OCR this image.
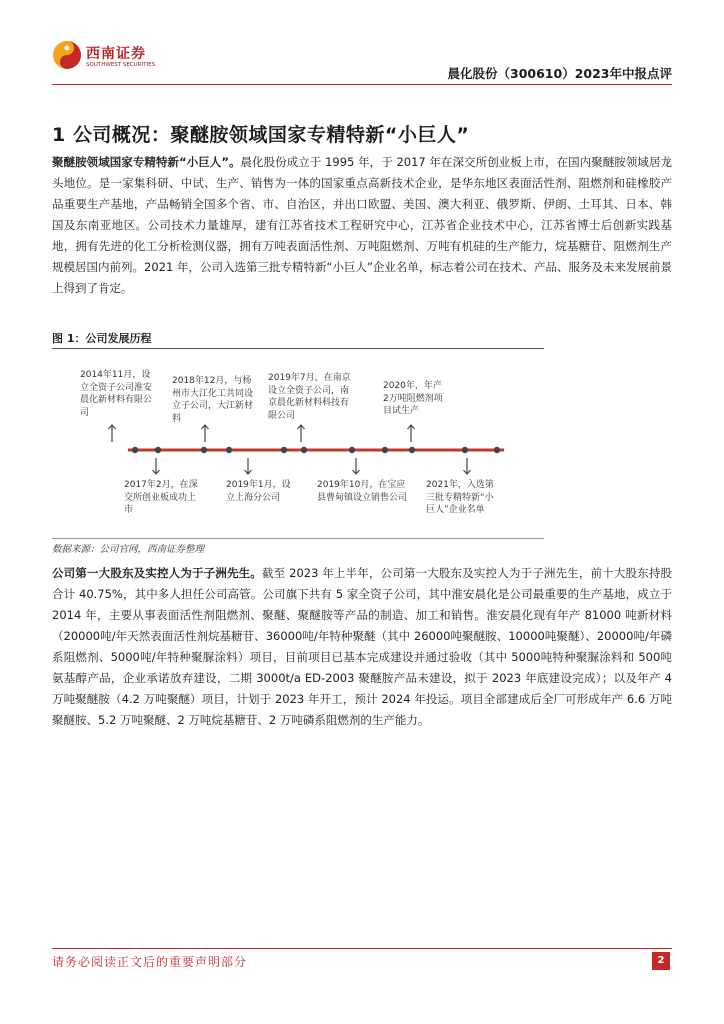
西南证券
SOUTHWEST SECURITIES
晨化股份（300610）2023年中报点评
1 公司概况：聚醚胺领域国家专精特新“小巨人”

聚醚胺领域国家专精特新“小巨人”。晨化股份成立于 1995 年，于 2017 年在深交所创业板上市，在国内聚醚胺领域居龙头地位。是一家集科研、中试、生产、销售为一体的国家重点高新技术企业，是华东地区表面活性剂、阻燃剂和硅橡胶产品重要生产基地，产品畅销全国多个省、市、自治区，并出口欧盟、美国、澳大利亚、俄罗斯、伊朗、土耳其、日本、韩国及东南亚地区。公司技术力量雄厚，建有江苏省技术工程研究中心，江苏省企业技术中心，江苏省博士后创新实践基地，拥有先进的化工分析检测仪器，拥有万吨表面活性剂、万吨阻燃剂、万吨有机硅的生产能力，烷基糖苷、阻燃剂生产规模居国内前列。2021 年，公司入选第三批专精特新“小巨人”企业名单，标志着公司在技术、产品、服务及未来发展前景上得到了肯定。

图 1：公司发展历程
2014年11月，设立全资子公司淮安晨化新材料有限公司
2018年12月，与杨州市大江化工共同设立子公司，大江新材料
2019年7月，在南京设立全资子公司，南京晨化新材料科技有限公司
2020年，年产2万吨阻燃剂项目试生产
2017年2月，在深交所创业板成功上市
2019年1月，设立上海分公司
2019年10月，在宝应县曹甸镇设立销售公司
2021年，入选第三批专精特新“小巨人”企业名单
数据来源：公司官网，西南证券整理

公司第一大股东及实控人为于子洲先生。截至 2023 年上半年，公司第一大股东及实控人为于子洲先生，前十大股东持股合计 40.75%，其中多人担任公司高管。公司旗下共有 5 家全资子公司，其中淮安晨化是公司最重要的生产基地，成立于 2014 年，主要从事表面活性剂阻燃剂、聚醚、聚醚胺等产品的制造、加工和销售。淮安晨化现有年产 81000 吨新材料（20000吨/年天然表面活性剂烷基糖苷、36000吨/年特种聚醚（其中 26000吨聚醚胺、10000吨聚醚）、20000吨/年磷系阻燃剂、5000吨/年特种聚脲涂料）项目，目前项目已基本完成建设并通过验收（其中 5000吨特种聚脲涂料和 500吨氨基醇产品，企业承诺放弃建设，二期 3000t/a ED-2003 聚醚胺产品未建设，拟于 2023 年底建设完成）；以及年产 4 万吨聚醚胺（4.2 万吨聚醚）项目，计划于 2023 年开工，预计 2024 年投运。项目全部建成后全厂可形成年产 6.6 万吨聚醚胺、5.2 万吨聚醚、2 万吨烷基糖苷、2 万吨磷系阻燃剂的生产能力。

请务必阅读正文后的重要声明部分	2
